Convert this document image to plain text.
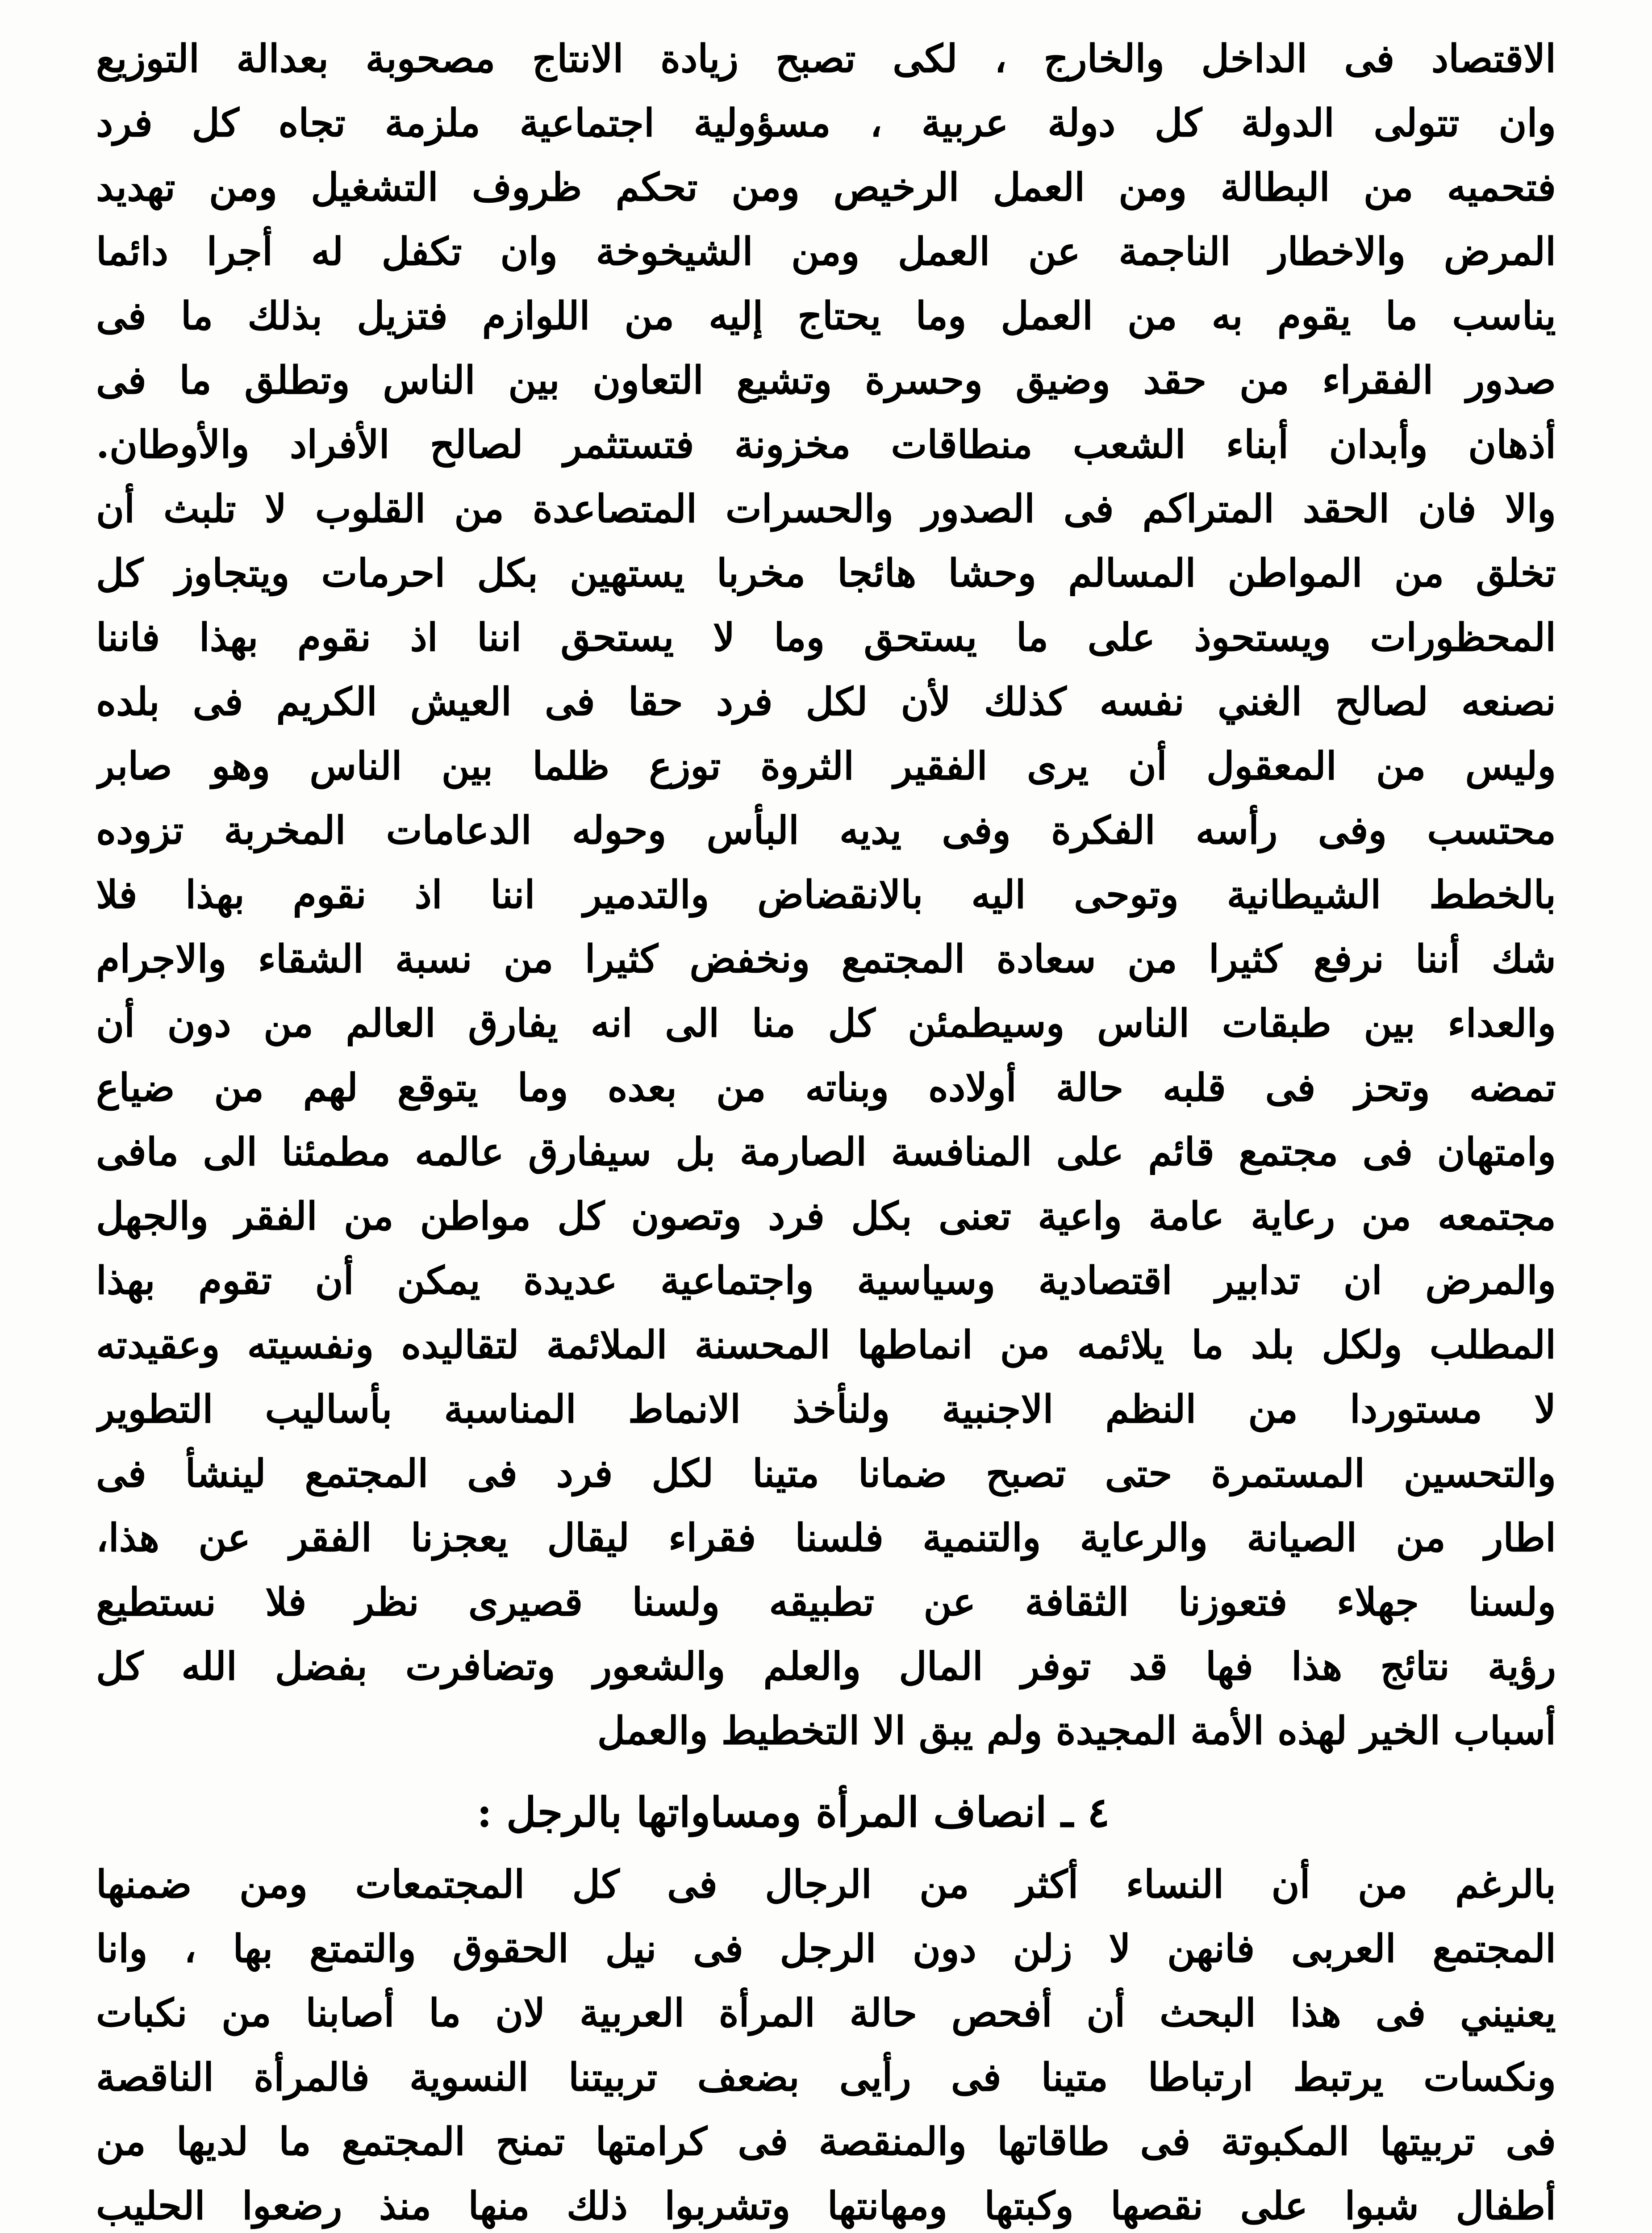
الاقتصاد فى الداخل والخارج ، لكى تصبح زيادة الانتاج مصحوبة بعدالة التوزيع
وان تتولى الدولة كل دولة عربية ، مسؤولية اجتماعية ملزمة تجاه كل فرد
فتحميه من البطالة ومن العمل الرخيص ومن تحكم ظروف التشغيل ومن تهديد
المرض والاخطار الناجمة عن العمل ومن الشيخوخة وان تكفل له أجرا دائما
يناسب ما يقوم به من العمل وما يحتاج إليه من اللوازم فتزيل بذلك ما فى
صدور الفقراء من حقد وضيق وحسرة وتشيع التعاون بين الناس وتطلق ما فى
أذهان وأبدان أبناء الشعب منطاقات مخزونة فتستثمر لصالح الأفراد والأوطان.
والا فان الحقد المتراكم فى الصدور والحسرات المتصاعدة من القلوب لا تلبث أن
تخلق من المواطن المسالم وحشا هائجا مخربا يستهين بكل احرمات ويتجاوز كل
المحظورات ويستحوذ على ما يستحق وما لا يستحق اننا اذ نقوم بهذا فاننا
نصنعه لصالح الغني نفسه كذلك لأن لكل فرد حقا فى العيش الكريم فى بلده
وليس من المعقول أن يرى الفقير الثروة توزع ظلما بين الناس وهو صابر
محتسب وفى رأسه الفكرة وفى يديه البأس وحوله الدعامات المخربة تزوده
بالخطط الشيطانية وتوحى اليه بالانقضاض والتدمير اننا اذ نقوم بهذا فلا
شك أننا نرفع كثيرا من سعادة المجتمع ونخفض كثيرا من نسبة الشقاء والاجرام
والعداء بين طبقات الناس وسيطمئن كل منا الى انه يفارق العالم من دون أن
تمضه وتحز فى قلبه حالة أولاده وبناته من بعده وما يتوقع لهم من ضياع
وامتهان فى مجتمع قائم على المنافسة الصارمة بل سيفارق عالمه مطمئنا الى مافى
مجتمعه من رعاية عامة واعية تعنى بكل فرد وتصون كل مواطن من الفقر والجهل
والمرض ان تدابير اقتصادية وسياسية واجتماعية عديدة يمكن أن تقوم بهذا
المطلب ولكل بلد ما يلائمه من انماطها المحسنة الملائمة لتقاليده ونفسيته وعقيدته
لا مستوردا من النظم الاجنبية ولنأخذ الانماط المناسبة بأساليب التطوير
والتحسين المستمرة حتى تصبح ضمانا متينا لكل فرد فى المجتمع لينشأ فى
اطار من الصيانة والرعاية والتنمية فلسنا فقراء ليقال يعجزنا الفقر عن هذا،
ولسنا جهلاء فتعوزنا الثقافة عن تطبيقه ولسنا قصيرى نظر فلا نستطيع
رؤية نتائج هذا فها قد توفر المال والعلم والشعور وتضافرت بفضل الله كل
أسباب الخير لهذه الأمة المجيدة ولم يبق الا التخطيط والعمل
٤ ـ انصاف المرأة ومساواتها بالرجل :
بالرغم من أن النساء أكثر من الرجال فى كل المجتمعات ومن ضمنها
المجتمع العربى فانهن لا زلن دون الرجل فى نيل الحقوق والتمتع بها ، وانا
يعنيني فى هذا البحث أن أفحص حالة المرأة العربية لان ما أصابنا من نكبات
ونكسات يرتبط ارتباطا متينا فى رأيى بضعف تربيتنا النسوية فالمرأة الناقصة
فى تربيتها المكبوتة فى طاقاتها والمنقصة فى كرامتها تمنح المجتمع ما لديها من
أطفال شبوا على نقصها وكبتها ومهانتها وتشربوا ذلك منها منذ رضعوا الحليب
